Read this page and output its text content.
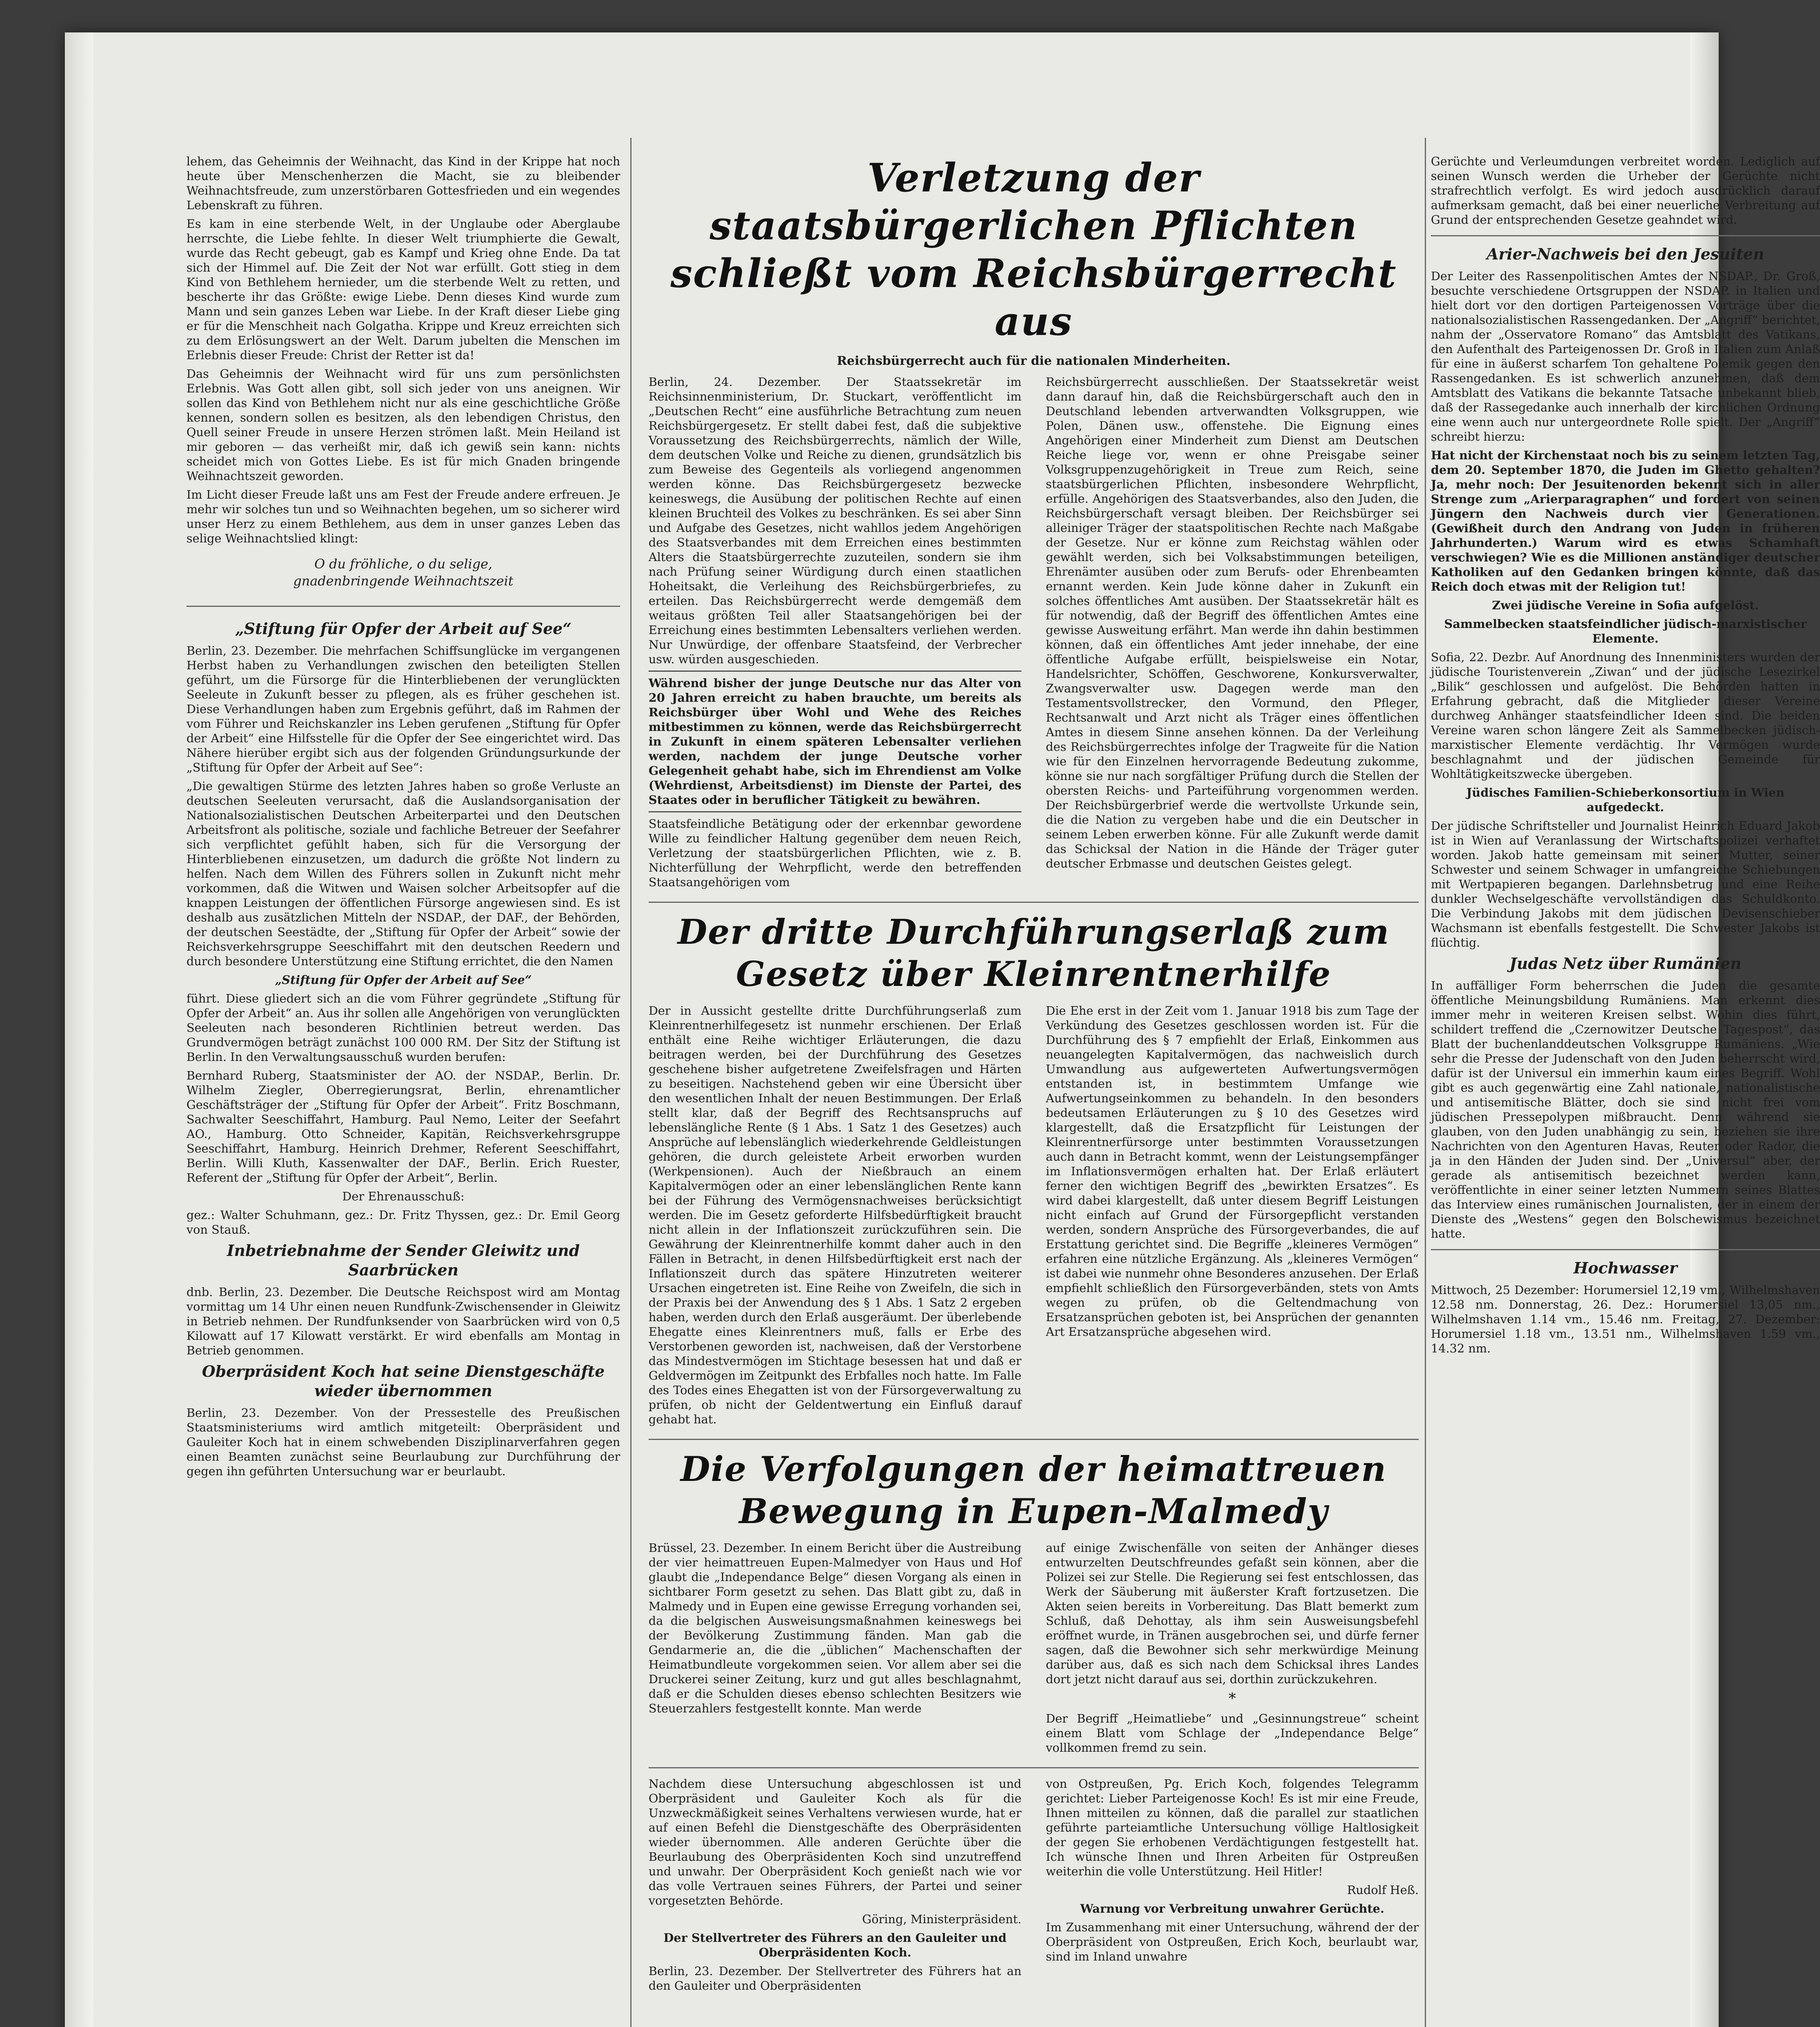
lehem, das Geheimnis der Weihnacht, das Kind in der Krippe hat noch heute über Menschenherzen die Macht, sie zu bleibender Weihnachtsfreude, zum unzerstörbaren Gottesfrieden und ein wegendes Lebenskraft zu führen.

Es kam in eine sterbende Welt, in der Unglaube oder Aberglaube herrschte, die Liebe fehlte. In dieser Welt triumphierte die Gewalt, wurde das Recht gebeugt, gab es Kampf und Krieg ohne Ende. Da tat sich der Himmel auf. Die Zeit der Not war erfüllt. Gott stieg in dem Kind von Bethlehem hernieder, um die sterbende Welt zu retten, und bescherte ihr das Größte: ewige Liebe. Denn dieses Kind wurde zum Mann und sein ganzes Leben war Liebe. In der Kraft dieser Liebe ging er für die Menschheit nach Golgatha. Krippe und Kreuz erreichten sich zu dem Erlösungswert an der Welt. Darum jubelten die Menschen im Erlebnis dieser Freude: Christ der Retter ist da!

Das Geheimnis der Weihnacht wird für uns zum persönlichsten Erlebnis. Was Gott allen gibt, soll sich jeder von uns aneignen. Wir sollen das Kind von Bethlehem nicht nur als eine geschichtliche Größe kennen, sondern sollen es besitzen, als den lebendigen Christus, den Quell seiner Freude in unsere Herzen strömen laßt. Mein Heiland ist mir geboren — das verheißt mir, daß ich gewiß sein kann: nichts scheidet mich von Gottes Liebe. Es ist für mich Gnaden bringende Weihnachtszeit geworden.

Im Licht dieser Freude laßt uns am Fest der Freude andere erfreuen. Je mehr wir solches tun und so Weihnachten begehen, um so sicherer wird unser Herz zu einem Bethlehem, aus dem in unser ganzes Leben das selige Weihnachtslied klingt:

O du fröhliche, o du selige,
gnadenbringende Weihnachtszeit
„Stiftung für Opfer der Arbeit auf See“

Berlin, 23. Dezember. Die mehrfachen Schiffsunglücke im vergangenen Herbst haben zu Verhandlungen zwischen den beteiligten Stellen geführt, um die Fürsorge für die Hinterbliebenen der verunglückten Seeleute in Zukunft besser zu pflegen, als es früher geschehen ist. Diese Verhandlungen haben zum Ergebnis geführt, daß im Rahmen der vom Führer und Reichskanzler ins Leben gerufenen „Stiftung für Opfer der Arbeit“ eine Hilfsstelle für die Opfer der See eingerichtet wird. Das Nähere hierüber ergibt sich aus der folgenden Gründungsurkunde der „Stiftung für Opfer der Arbeit auf See“:

„Die gewaltigen Stürme des letzten Jahres haben so große Verluste an deutschen Seeleuten verursacht, daß die Auslandsorganisation der Nationalsozialistischen Deutschen Arbeiterpartei und den Deutschen Arbeitsfront als politische, soziale und fachliche Betreuer der Seefahrer sich verpflichtet gefühlt haben, sich für die Versorgung der Hinterbliebenen einzusetzen, um dadurch die größte Not lindern zu helfen. Nach dem Willen des Führers sollen in Zukunft nicht mehr vorkommen, daß die Witwen und Waisen solcher Arbeitsopfer auf die knappen Leistungen der öffentlichen Fürsorge angewiesen sind. Es ist deshalb aus zusätzlichen Mitteln der NSDAP., der DAF., der Behörden, der deutschen Seestädte, der „Stiftung für Opfer der Arbeit“ sowie der Reichsverkehrsgruppe Seeschiffahrt mit den deutschen Reedern und durch besondere Unterstützung eine Stiftung errichtet, die den Namen

„Stiftung für Opfer der Arbeit auf See“

führt. Diese gliedert sich an die vom Führer gegründete „Stiftung für Opfer der Arbeit“ an. Aus ihr sollen alle Angehörigen von verunglückten Seeleuten nach besonderen Richtlinien betreut werden. Das Grundvermögen beträgt zunächst 100 000 RM. Der Sitz der Stiftung ist Berlin. In den Verwaltungsausschuß wurden berufen:

Bernhard Ruberg, Staatsminister der AO. der NSDAP., Berlin. Dr. Wilhelm Ziegler, Oberregierungsrat, Berlin, ehrenamtlicher Geschäftsträger der „Stiftung für Opfer der Arbeit“. Fritz Boschmann, Sachwalter Seeschiffahrt, Hamburg. Paul Nemo, Leiter der Seefahrt AO., Hamburg. Otto Schneider, Kapitän, Reichsverkehrsgruppe Seeschiffahrt, Hamburg. Heinrich Drehmer, Referent Seeschiffahrt, Berlin. Willi Kluth, Kassenwalter der DAF., Berlin. Erich Ruester, Referent der „Stiftung für Opfer der Arbeit“, Berlin.

Der Ehrenausschuß:

gez.: Walter Schuhmann, gez.: Dr. Fritz Thyssen, gez.: Dr. Emil Georg von Stauß.

Inbetriebnahme der Sender Gleiwitz und Saarbrücken

dnb. Berlin, 23. Dezember. Die Deutsche Reichspost wird am Montag vormittag um 14 Uhr einen neuen Rundfunk-Zwischensender in Gleiwitz in Betrieb nehmen. Der Rundfunksender von Saarbrücken wird von 0,5 Kilowatt auf 17 Kilowatt verstärkt. Er wird ebenfalls am Montag in Betrieb genommen.

Oberpräsident Koch hat seine Dienstgeschäfte wieder übernommen

Berlin, 23. Dezember. Von der Pressestelle des Preußischen Staatsministeriums wird amtlich mitgeteilt: Oberpräsident und Gauleiter Koch hat in einem schwebenden Disziplinarverfahren gegen einen Beamten zunächst seine Beurlaubung zur Durchführung der gegen ihn geführten Untersuchung war er beurlaubt.

Verletzung der staatsbürgerlichen Pflichten schließt vom Reichsbürgerrecht aus
Reichsbürgerrecht auch für die nationalen Minderheiten.

Berlin, 24. Dezember. Der Staatssekretär im Reichsinnenministerium, Dr. Stuckart, veröffentlicht im „Deutschen Recht“ eine ausführliche Betrachtung zum neuen Reichsbürgergesetz. Er stellt dabei fest, daß die subjektive Voraussetzung des Reichsbürgerrechts, nämlich der Wille, dem deutschen Volke und Reiche zu dienen, grundsätzlich bis zum Beweise des Gegenteils als vorliegend angenommen werden könne. Das Reichsbürgergesetz bezwecke keineswegs, die Ausübung der politischen Rechte auf einen kleinen Bruchteil des Volkes zu beschränken. Es sei aber Sinn und Aufgabe des Gesetzes, nicht wahllos jedem Angehörigen des Staatsverbandes mit dem Erreichen eines bestimmten Alters die Staatsbürgerrechte zuzuteilen, sondern sie ihm nach Prüfung seiner Würdigung durch einen staatlichen Hoheitsakt, die Verleihung des Reichsbürgerbriefes, zu erteilen. Das Reichsbürgerrecht werde demgemäß dem weitaus größten Teil aller Staatsangehörigen bei der Erreichung eines bestimmten Lebensalters verliehen werden. Nur Unwürdige, der offenbare Staatsfeind, der Verbrecher usw. würden ausgeschieden.

Während bisher der junge Deutsche nur das Alter von 20 Jahren erreicht zu haben brauchte, um bereits als Reichsbürger über Wohl und Wehe des Reiches mitbestimmen zu können, werde das Reichsbürgerrecht in Zukunft in einem späteren Lebensalter verliehen werden, nachdem der junge Deutsche vorher Gelegenheit gehabt habe, sich im Ehrendienst am Volke (Wehrdienst, Arbeitsdienst) im Dienste der Partei, des Staates oder in beruflicher Tätigkeit zu bewähren.

Staatsfeindliche Betätigung oder der erkennbar gewordene Wille zu feindlicher Haltung gegenüber dem neuen Reich, Verletzung der staatsbürgerlichen Pflichten, wie z. B. Nichterfüllung der Wehrpflicht, werde den betreffenden Staatsangehörigen vom

Reichsbürgerrecht ausschließen. Der Staatssekretär weist dann darauf hin, daß die Reichsbürgerschaft auch den in Deutschland lebenden artverwandten Volksgruppen, wie Polen, Dänen usw., offenstehe. Die Eignung eines Angehörigen einer Minderheit zum Dienst am Deutschen Reiche liege vor, wenn er ohne Preisgabe seiner Volksgruppenzugehörigkeit in Treue zum Reich, seine staatsbürgerlichen Pflichten, insbesondere Wehrpflicht, erfülle. Angehörigen des Staatsverbandes, also den Juden, die Reichsbürgerschaft versagt bleiben. Der Reichsbürger sei alleiniger Träger der staatspolitischen Rechte nach Maßgabe der Gesetze. Nur er könne zum Reichstag wählen oder gewählt werden, sich bei Volksabstimmungen beteiligen, Ehrenämter ausüben oder zum Berufs- oder Ehrenbeamten ernannt werden. Kein Jude könne daher in Zukunft ein solches öffentliches Amt ausüben. Der Staatssekretär hält es für notwendig, daß der Begriff des öffentlichen Amtes eine gewisse Ausweitung erfährt. Man werde ihn dahin bestimmen können, daß ein öffentliches Amt jeder innehabe, der eine öffentliche Aufgabe erfüllt, beispielsweise ein Notar, Handelsrichter, Schöffen, Geschworene, Konkursverwalter, Zwangsverwalter usw. Dagegen werde man den Testamentsvollstrecker, den Vormund, den Pfleger, Rechtsanwalt und Arzt nicht als Träger eines öffentlichen Amtes in diesem Sinne ansehen können. Da der Verleihung des Reichsbürgerrechtes infolge der Tragweite für die Nation wie für den Einzelnen hervorragende Bedeutung zukomme, könne sie nur nach sorgfältiger Prüfung durch die Stellen der obersten Reichs- und Parteiführung vorgenommen werden. Der Reichsbürgerbrief werde die wertvollste Urkunde sein, die die Nation zu vergeben habe und die ein Deutscher in seinem Leben erwerben könne. Für alle Zukunft werde damit das Schicksal der Nation in die Hände der Träger guter deutscher Erbmasse und deutschen Geistes gelegt.

Der dritte Durchführungserlaß zum Gesetz über Kleinrentnerhilfe

Der in Aussicht gestellte dritte Durchführungserlaß zum Kleinrentnerhilfegesetz ist nunmehr erschienen. Der Erlaß enthält eine Reihe wichtiger Erläuterungen, die dazu beitragen werden, bei der Durchführung des Gesetzes geschehene bisher aufgetretene Zweifelsfragen und Härten zu beseitigen. Nachstehend geben wir eine Übersicht über den wesentlichen Inhalt der neuen Bestimmungen. Der Erlaß stellt klar, daß der Begriff des Rechtsanspruchs auf lebenslängliche Rente (§ 1 Abs. 1 Satz 1 des Gesetzes) auch Ansprüche auf lebenslänglich wiederkehrende Geldleistungen gehören, die durch geleistete Arbeit erworben wurden (Werkpensionen). Auch der Nießbrauch an einem Kapitalvermögen oder an einer lebenslänglichen Rente kann bei der Führung des Vermögensnachweises berücksichtigt werden. Die im Gesetz geforderte Hilfsbedürftigkeit braucht nicht allein in der Inflationszeit zurückzuführen sein. Die Gewährung der Kleinrentnerhilfe kommt daher auch in den Fällen in Betracht, in denen Hilfsbedürftigkeit erst nach der Inflationszeit durch das spätere Hinzutreten weiterer Ursachen eingetreten ist. Eine Reihe von Zweifeln, die sich in der Praxis bei der Anwendung des § 1 Abs. 1 Satz 2 ergeben haben, werden durch den Erlaß ausgeräumt. Der überlebende Ehegatte eines Kleinrentners muß, falls er Erbe des Verstorbenen geworden ist, nachweisen, daß der Verstorbene das Mindestvermögen im Stichtage besessen hat und daß er Geldvermögen im Zeitpunkt des Erbfalles noch hatte. Im Falle des Todes eines Ehegatten ist von der Fürsorgeverwaltung zu prüfen, ob nicht der Geldentwertung ein Einfluß darauf gehabt hat.

Die Ehe erst in der Zeit vom 1. Januar 1918 bis zum Tage der Verkündung des Gesetzes geschlossen worden ist. Für die Durchführung des § 7 empfiehlt der Erlaß, Einkommen aus neuangelegten Kapitalvermögen, das nachweislich durch Umwandlung aus aufgewerteten Aufwertungsvermögen entstanden ist, in bestimmtem Umfange wie Aufwertungseinkommen zu behandeln. In den besonders bedeutsamen Erläuterungen zu § 10 des Gesetzes wird klargestellt, daß die Ersatzpflicht für Leistungen der Kleinrentnerfürsorge unter bestimmten Voraussetzungen auch dann in Betracht kommt, wenn der Leistungsempfänger im Inflationsvermögen erhalten hat. Der Erlaß erläutert ferner den wichtigen Begriff des „bewirkten Ersatzes“. Es wird dabei klargestellt, daß unter diesem Begriff Leistungen nicht einfach auf Grund der Fürsorgepflicht verstanden werden, sondern Ansprüche des Fürsorgeverbandes, die auf Erstattung gerichtet sind. Die Begriffe „kleineres Vermögen“ erfahren eine nützliche Ergänzung. Als „kleineres Vermögen“ ist dabei wie nunmehr ohne Besonderes anzusehen. Der Erlaß empfiehlt schließlich den Fürsorgeverbänden, stets von Amts wegen zu prüfen, ob die Geltendmachung von Ersatzansprüchen geboten ist, bei Ansprüchen der genannten Art Ersatzansprüche abgesehen wird.

Die Verfolgungen der heimattreuen Bewegung in Eupen-Malmedy

Brüssel, 23. Dezember. In einem Bericht über die Austreibung der vier heimattreuen Eupen-Malmedyer von Haus und Hof glaubt die „Independance Belge“ diesen Vorgang als einen in sichtbarer Form gesetzt zu sehen. Das Blatt gibt zu, daß in Malmedy und in Eupen eine gewisse Erregung vorhanden sei, da die belgischen Ausweisungsmaßnahmen keineswegs bei der Bevölkerung Zustimmung fänden. Man gab die Gendarmerie an, die die „üblichen“ Machenschaften der Heimatbundleute vorgekommen seien. Vor allem aber sei die Druckerei seiner Zeitung, kurz und gut alles beschlagnahmt, daß er die Schulden dieses ebenso schlechten Besitzers wie Steuerzahlers festgestellt konnte. Man werde

auf einige Zwischenfälle von seiten der Anhänger dieses entwurzelten Deutschfreundes gefaßt sein können, aber die Polizei sei zur Stelle. Die Regierung sei fest entschlossen, das Werk der Säuberung mit äußerster Kraft fortzusetzen. Die Akten seien bereits in Vorbereitung. Das Blatt bemerkt zum Schluß, daß Dehottay, als ihm sein Ausweisungsbefehl eröffnet wurde, in Tränen ausgebrochen sei, und dürfe ferner sagen, daß die Bewohner sich sehr merkwürdige Meinung darüber aus, daß es sich nach dem Schicksal ihres Landes dort jetzt nicht darauf aus sei, dorthin zurückzukehren.

*

Der Begriff „Heimatliebe“ und „Gesinnungstreue“ scheint einem Blatt vom Schlage der „Independance Belge“ vollkommen fremd zu sein.

Nachdem diese Untersuchung abgeschlossen ist und Oberpräsident und Gauleiter Koch als für die Unzweckmäßigkeit seines Verhaltens verwiesen wurde, hat er auf einen Befehl die Dienstgeschäfte des Oberpräsidenten wieder übernommen. Alle anderen Gerüchte über die Beurlaubung des Oberpräsidenten Koch sind unzutreffend und unwahr. Der Oberpräsident Koch genießt nach wie vor das volle Vertrauen seines Führers, der Partei und seiner vorgesetzten Behörde.

Göring, Ministerpräsident.

Der Stellvertreter des Führers an den Gauleiter und Oberpräsidenten Koch.

Berlin, 23. Dezember. Der Stellvertreter des Führers hat an den Gauleiter und Oberpräsidenten

von Ostpreußen, Pg. Erich Koch, folgendes Telegramm gerichtet: Lieber Parteigenosse Koch! Es ist mir eine Freude, Ihnen mitteilen zu können, daß die parallel zur staatlichen geführte parteiamtliche Untersuchung völlige Haltlosigkeit der gegen Sie erhobenen Verdächtigungen festgestellt hat. Ich wünsche Ihnen und Ihren Arbeiten für Ostpreußen weiterhin die volle Unterstützung. Heil Hitler!

Rudolf Heß.

Warnung vor Verbreitung unwahrer Gerüchte.

Im Zusammenhang mit einer Untersuchung, während der der Oberpräsident von Ostpreußen, Erich Koch, beurlaubt war, sind im Inland unwahre

Gerüchte und Verleumdungen verbreitet worden. Lediglich auf seinen Wunsch werden die Urheber der Gerüchte nicht strafrechtlich verfolgt. Es wird jedoch ausdrücklich darauf aufmerksam gemacht, daß bei einer neuerliche Verbreitung auf Grund der entsprechenden Gesetze geahndet wird.

Arier-Nachweis bei den Jesuiten

Der Leiter des Rassenpolitischen Amtes der NSDAP., Dr. Groß, besuchte verschiedene Ortsgruppen der NSDAP. in Italien und hielt dort vor den dortigen Parteigenossen Vorträge über die nationalsozialistischen Rassengedanken. Der „Angriff“ berichtet, nahm der „Osservatore Romano“ das Amtsblatt des Vatikans, den Aufenthalt des Parteigenossen Dr. Groß in Italien zum Anlaß für eine in äußerst scharfem Ton gehaltene Polemik gegen den Rassengedanken. Es ist schwerlich anzunehmen, daß dem Amtsblatt des Vatikans die bekannte Tatsache unbekannt blieb, daß der Rassegedanke auch innerhalb der kirchlichen Ordnung eine wenn auch nur untergeordnete Rolle spielt. Der „Angriff“ schreibt hierzu:

Hat nicht der Kirchenstaat noch bis zu seinem letzten Tag, dem 20. September 1870, die Juden im Ghetto gehalten? Ja, mehr noch: Der Jesuitenorden bekennt sich in aller Strenge zum „Arierparagraphen“ und fordert von seinen Jüngern den Nachweis durch vier Generationen. (Gewißheit durch den Andrang von Juden in früheren Jahrhunderten.) Warum wird es etwas Schamhaft verschwiegen? Wie es die Millionen anständiger deutscher Katholiken auf den Gedanken bringen könnte, daß das Reich doch etwas mit der Religion tut!

Zwei jüdische Vereine in Sofia aufgelöst.

Sammelbecken staatsfeindlicher jüdisch-marxistischer Elemente.

Sofia, 22. Dezbr. Auf Anordnung des Innenministers wurden der jüdische Touristenverein „Ziwan“ und der jüdische Lesezirkel „Bilik“ geschlossen und aufgelöst. Die Behörden hatten in Erfahrung gebracht, daß die Mitglieder dieser Vereine durchweg Anhänger staatsfeindlicher Ideen sind. Die beiden Vereine waren schon längere Zeit als Sammelbecken jüdisch-marxistischer Elemente verdächtig. Ihr Vermögen wurde beschlagnahmt und der jüdischen Gemeinde für Wohltätigkeitszwecke übergeben.

Jüdisches Familien-Schieberkonsortium in Wien aufgedeckt.

Der jüdische Schriftsteller und Journalist Heinrich Eduard Jakob ist in Wien auf Veranlassung der Wirtschaftspolizei verhaftet worden. Jakob hatte gemeinsam mit seiner Mutter, seiner Schwester und seinem Schwager in umfangreiche Schiebungen mit Wertpapieren begangen. Darlehnsbetrug und eine Reihe dunkler Wechselgeschäfte vervollständigen das Schuldkonto. Die Verbindung Jakobs mit dem jüdischen Devisenschieber Wachsmann ist ebenfalls festgestellt. Die Schwester Jakobs ist flüchtig.

Judas Netz über Rumänien

In auffälliger Form beherrschen die Juden die gesamte öffentliche Meinungsbildung Rumäniens. Man erkennt dies immer mehr in weiteren Kreisen selbst. Wohin dies führt, schildert treffend die „Czernowitzer Deutsche Tagespost“, das Blatt der buchenlanddeutschen Volksgruppe Rumäniens. „Wie sehr die Presse der Judenschaft von den Juden beherrscht wird, dafür ist der Universul ein immerhin kaum eines Begriff. Wohl gibt es auch gegenwärtig eine Zahl nationale, nationalistische und antisemitische Blätter, doch sie sind nicht frei vom jüdischen Pressepolypen mißbraucht. Denn während sie glauben, von den Juden unabhängig zu sein, beziehen sie ihre Nachrichten von den Agenturen Havas, Reuter oder Rador, die ja in den Händen der Juden sind. Der „Universul“ aber, der gerade als antisemitisch bezeichnet werden kann, veröffentlichte in einer seiner letzten Nummern seines Blattes das Interview eines rumänischen Journalisten, der in einem der Dienste des „Westens“ gegen den Bolschewismus bezeichnet hatte.

Hochwasser

Mittwoch, 25 Dezember: Horumersiel 12,19 vm., Wilhelmshaven 12.58 nm. Donnerstag, 26. Dez.: Horumersiel 13,05 nm., Wilhelmshaven 1.14 vm., 15.46 nm. Freitag, 27. Dezember: Horumersiel 1.18 vm., 13.51 nm., Wilhelmshaven 1.59 vm., 14.32 nm.
